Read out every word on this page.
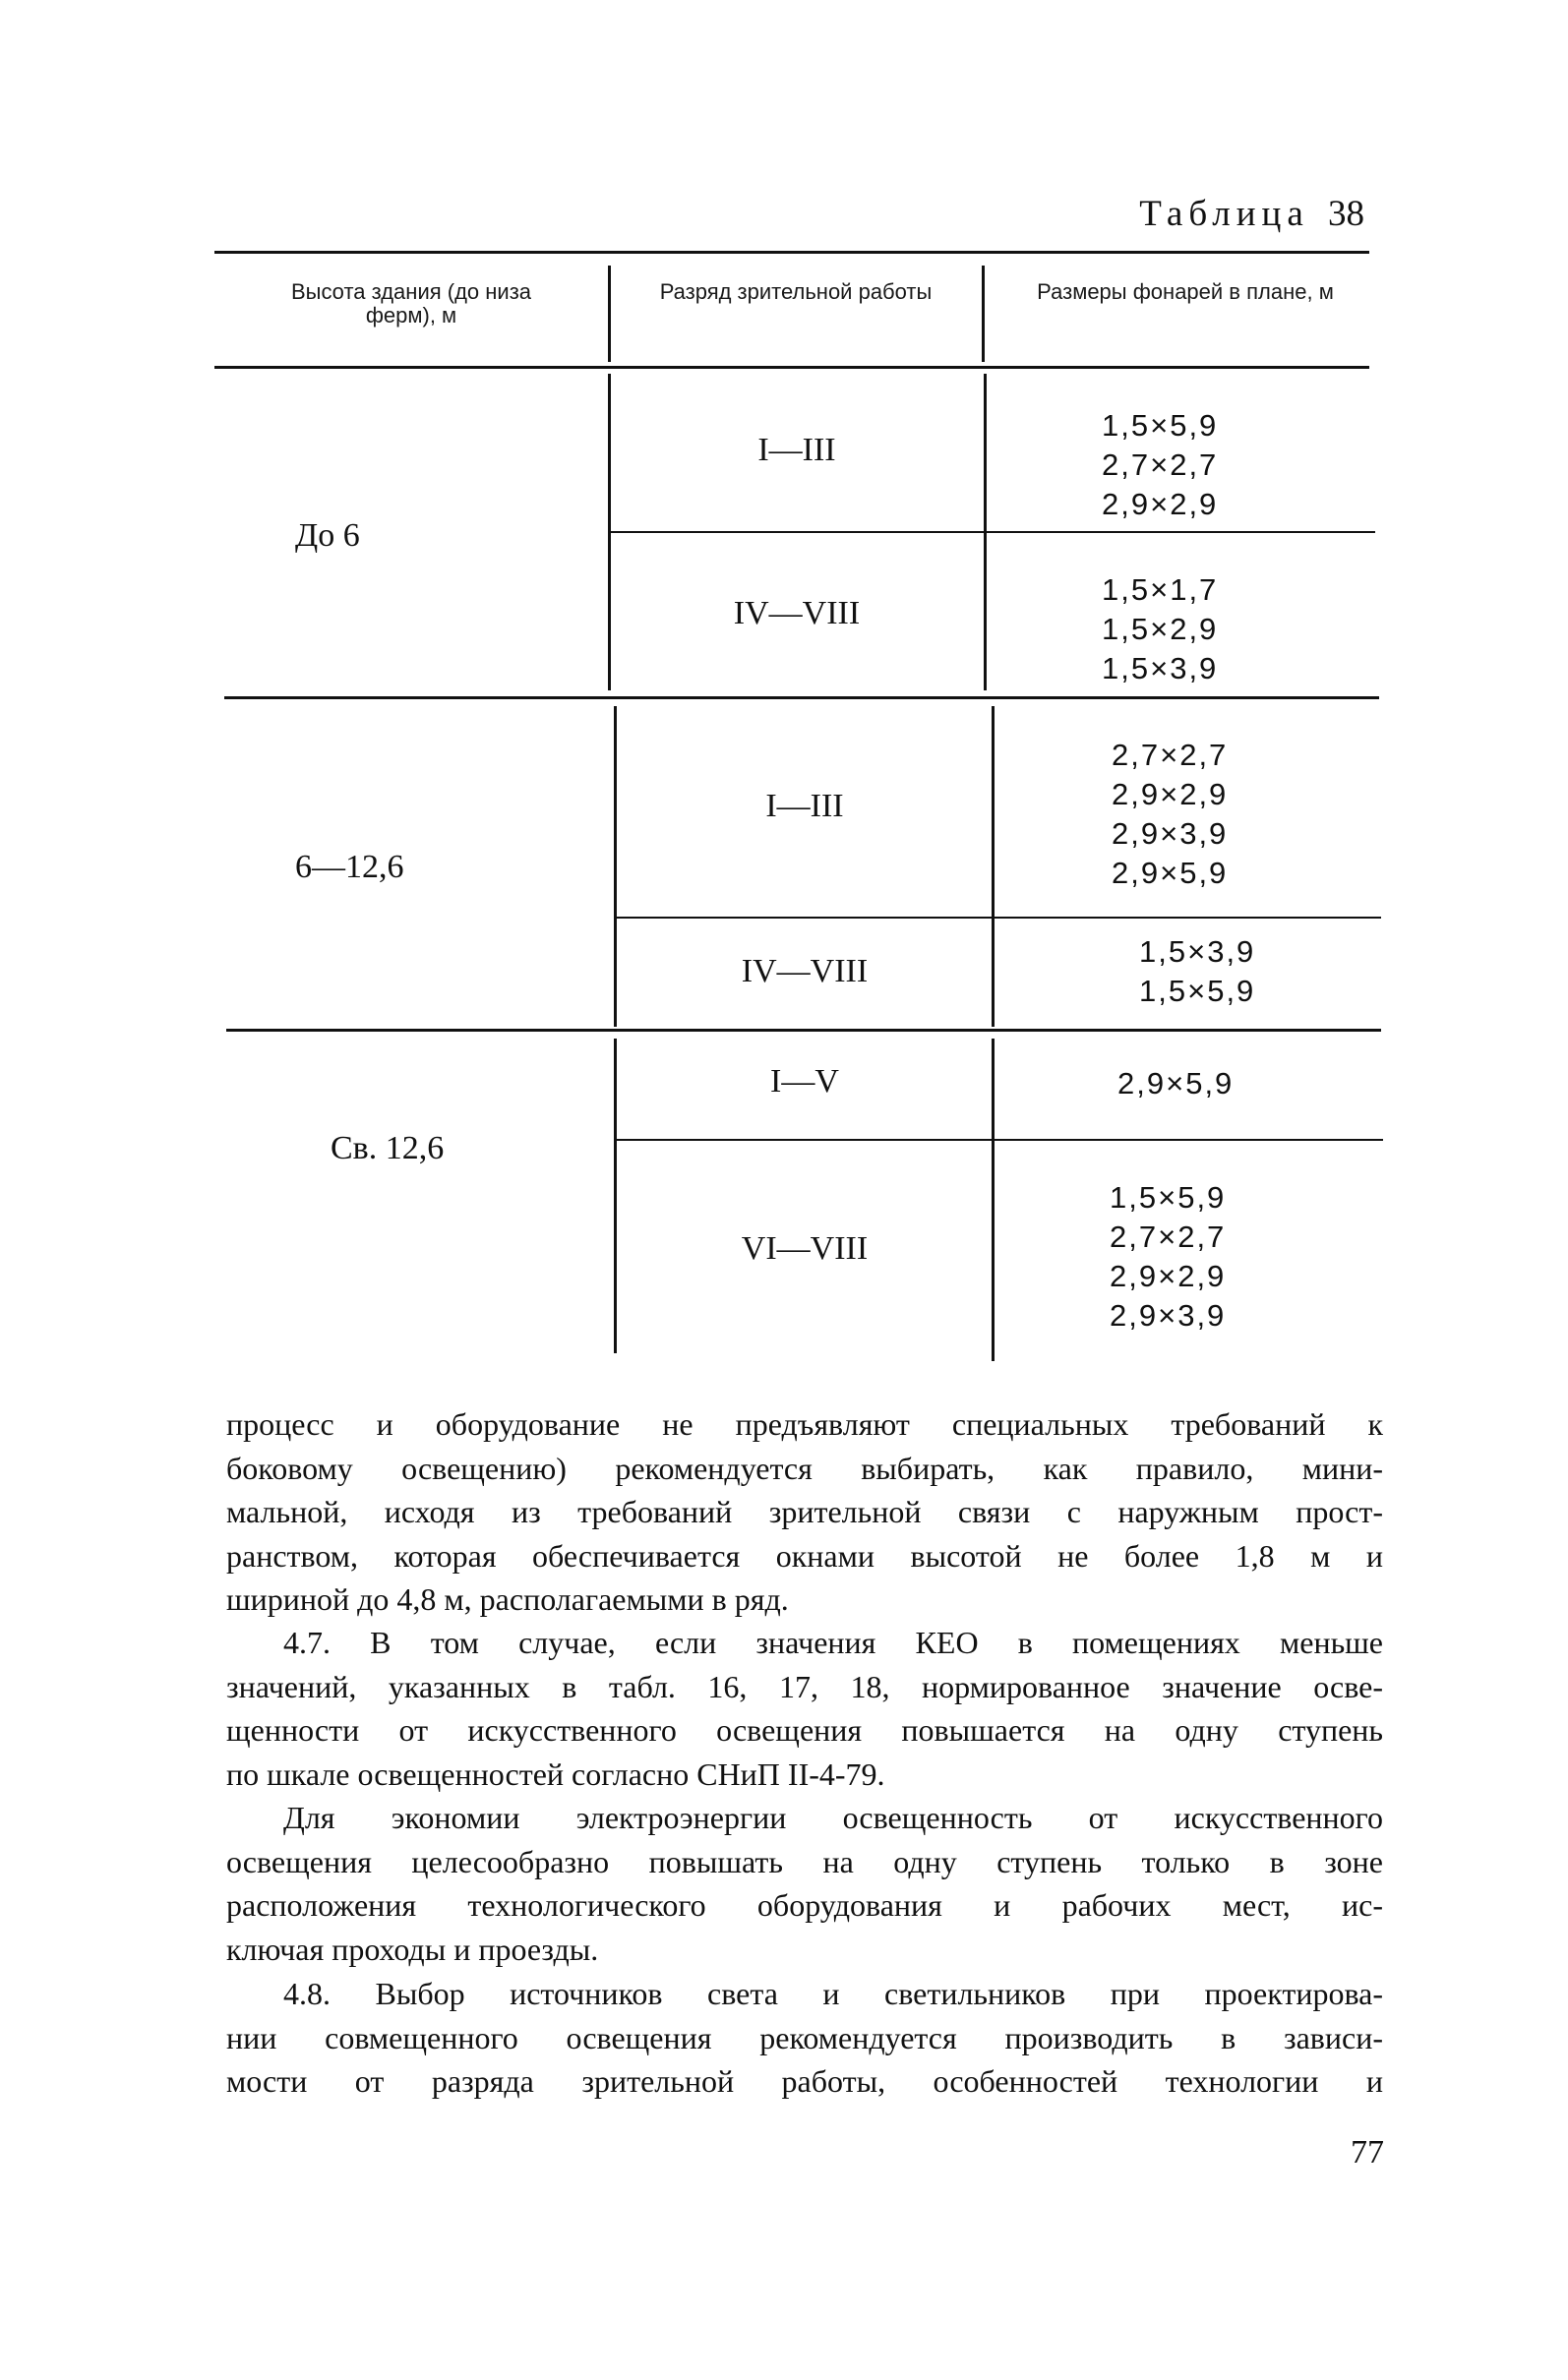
Таблица 38
Высота здания (до низа ферм), м
Разряд зрительной работы	Размеры фонарей в плане, м
До 6
I—III
1,5×5,9
2,7×2,7
2,9×2,9
IV—VIII
1,5×1,7
1,5×2,9
1,5×3,9
6—12,6
I—III
2,7×2,7
2,9×2,9
2,9×3,9
2,9×5,9
IV—VIII
1,5×3,9
1,5×5,9
Св. 12,6
I—V	2,9×5,9
VI—VIII
1,5×5,9
2,7×2,7
2,9×2,9
2,9×3,9
процесс и оборудование не предъявляют специальных требований к
боковому освещению) рекомендуется выбирать, как правило, мини-
мальной, исходя из требований зрительной связи с наружным прост-
ранством, которая обеспечивается окнами высотой не более 1,8 м и
шириной до 4,8 м, располагаемыми в ряд.
4.7. В том случае, если значения КЕО в помещениях меньше
значений, указанных в табл. 16, 17, 18, нормированное значение осве-
щенности от искусственного освещения повышается на одну ступень
по шкале освещенностей согласно СНиП II-4-79.
Для экономии электроэнергии освещенность от искусственного
освещения целесообразно повышать на одну ступень только в зоне
расположения технологического оборудования и рабочих мест, ис-
ключая проходы и проезды.
4.8. Выбор источников света и светильников при проектирова-
нии совмещенного освещения рекомендуется производить в зависи-
мости от разряда зрительной работы, особенностей технологии и
77
